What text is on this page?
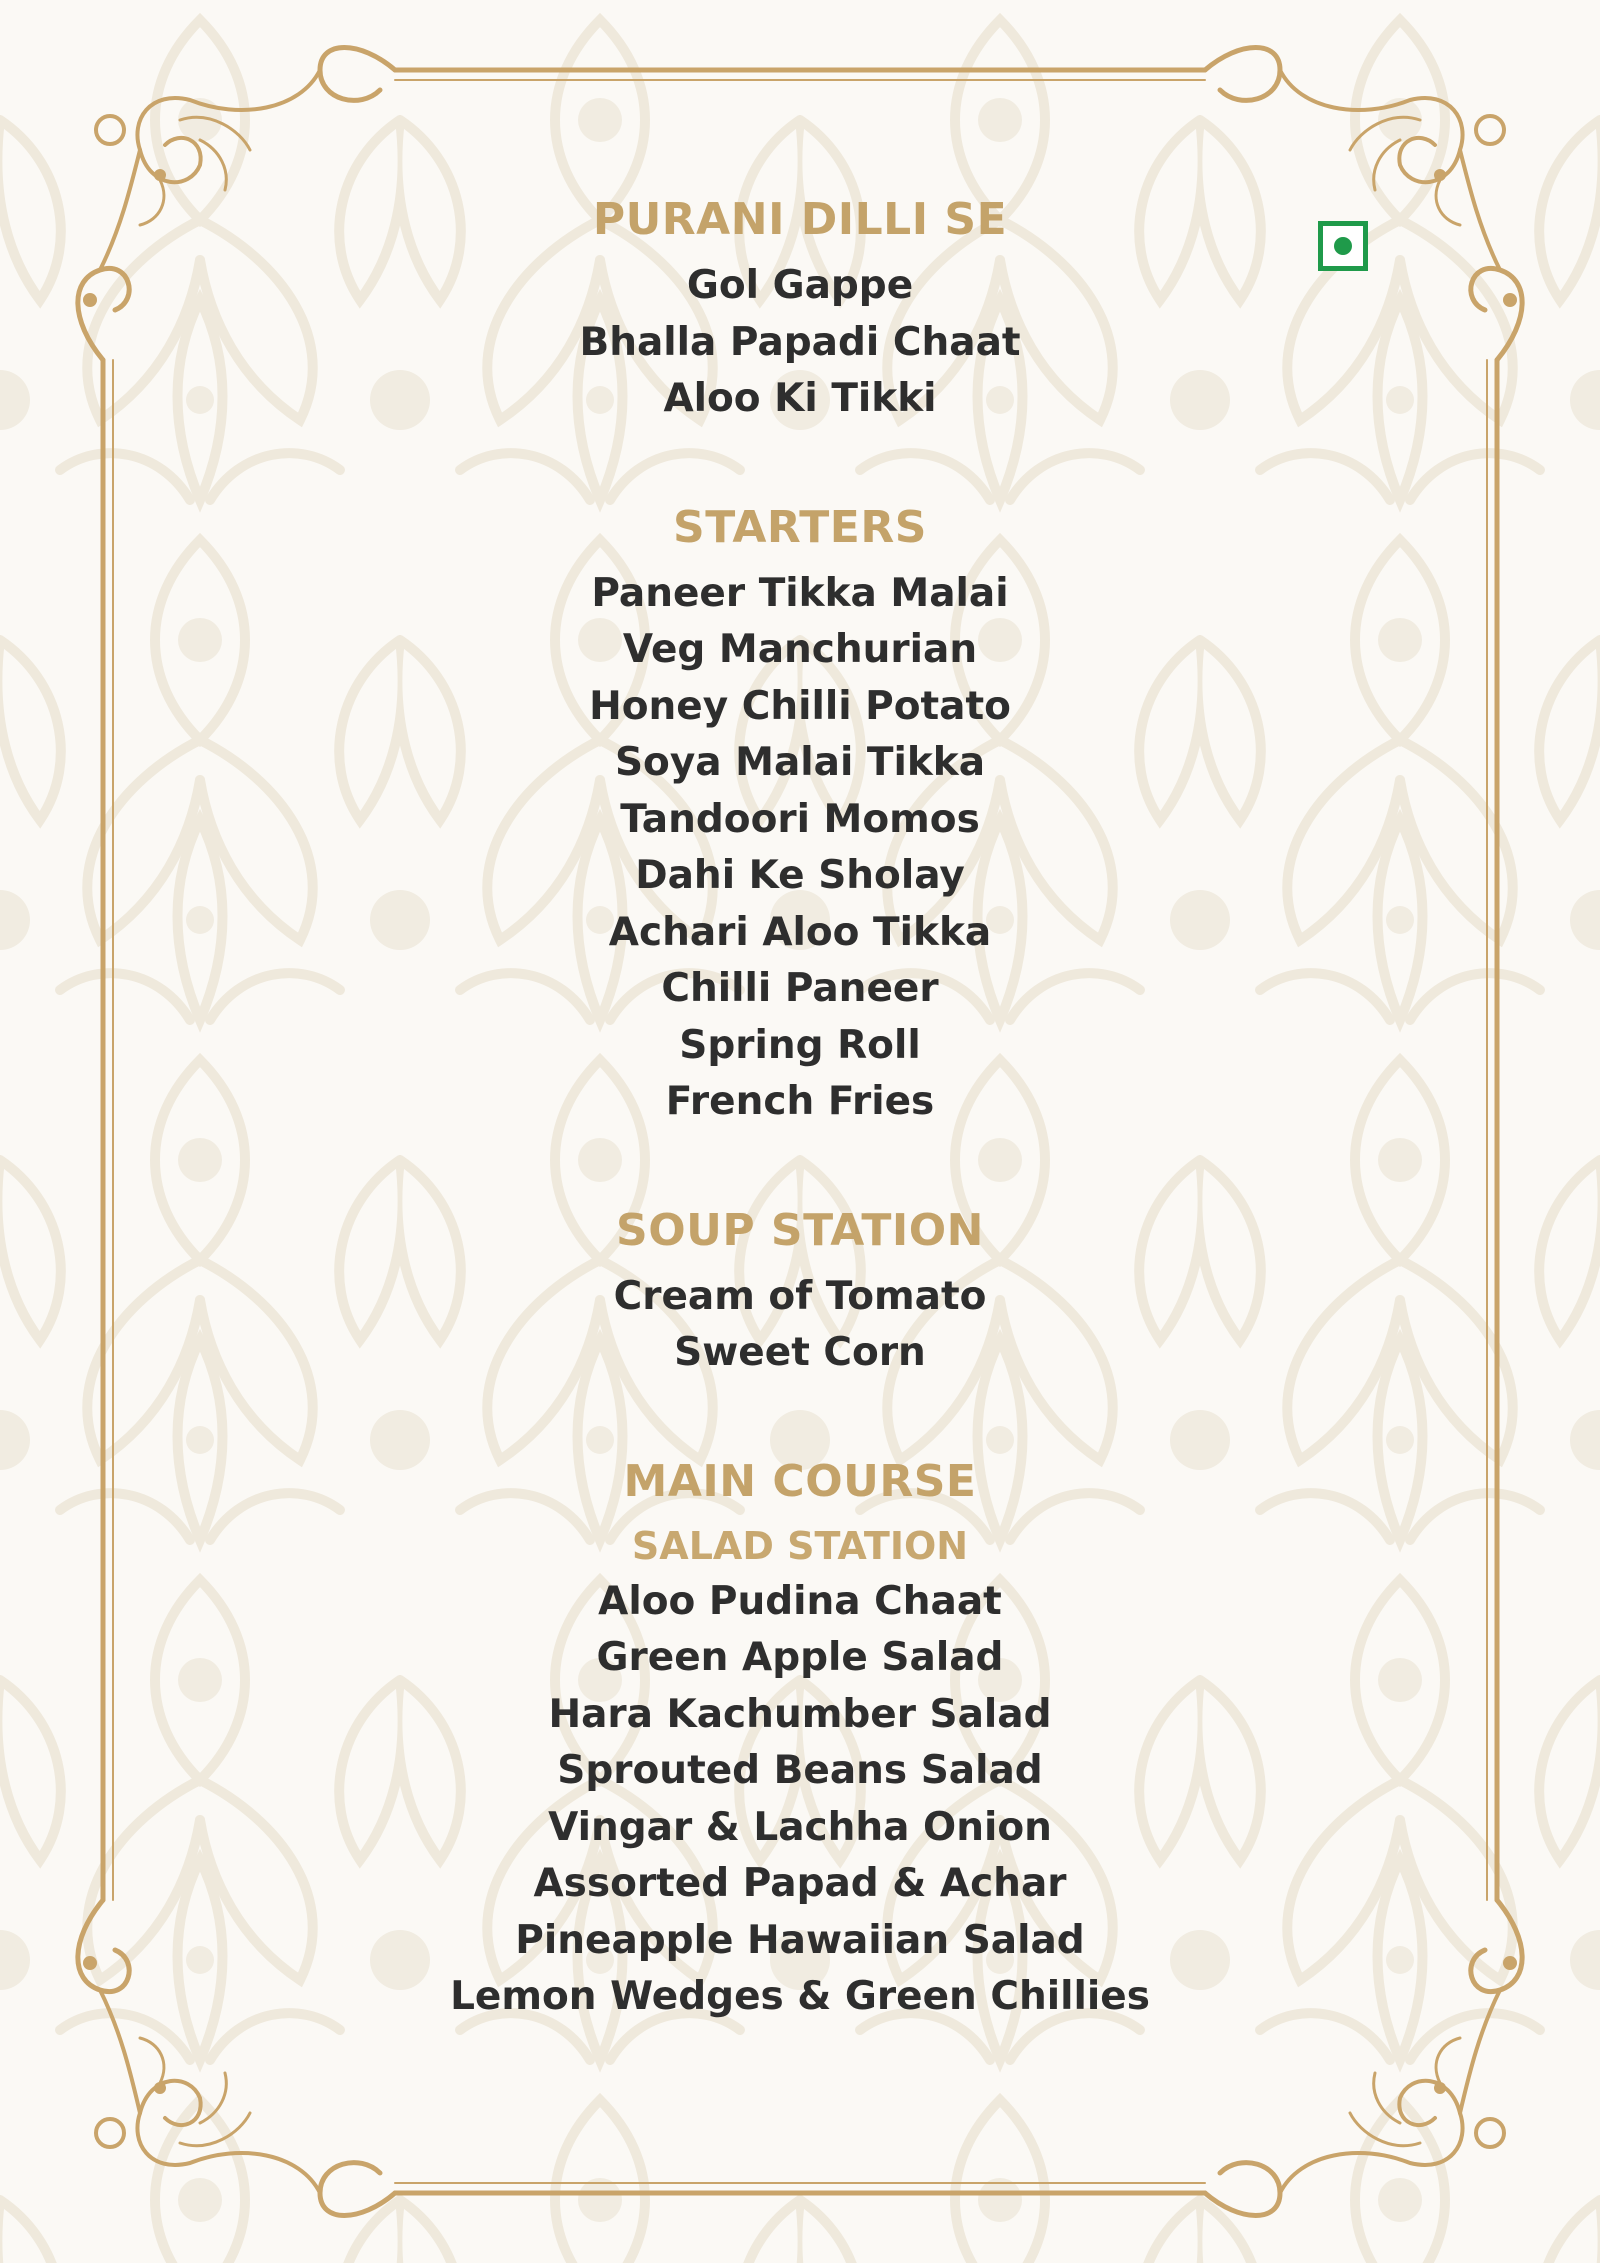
PURANI DILLI SE
Gol Gappe
Bhalla Papadi Chaat
Aloo Ki Tikki
STARTERS
Paneer Tikka Malai
Veg Manchurian
Honey Chilli Potato
Soya Malai Tikka
Tandoori Momos
Dahi Ke Sholay
Achari Aloo Tikka
Chilli Paneer
Spring Roll
French Fries
SOUP STATION
Cream of Tomato
Sweet Corn
MAIN COURSE
SALAD STATION
Aloo Pudina Chaat
Green Apple Salad
Hara Kachumber Salad
Sprouted Beans Salad
Vingar & Lachha Onion
Assorted Papad & Achar
Pineapple Hawaiian Salad
Lemon Wedges & Green Chillies
